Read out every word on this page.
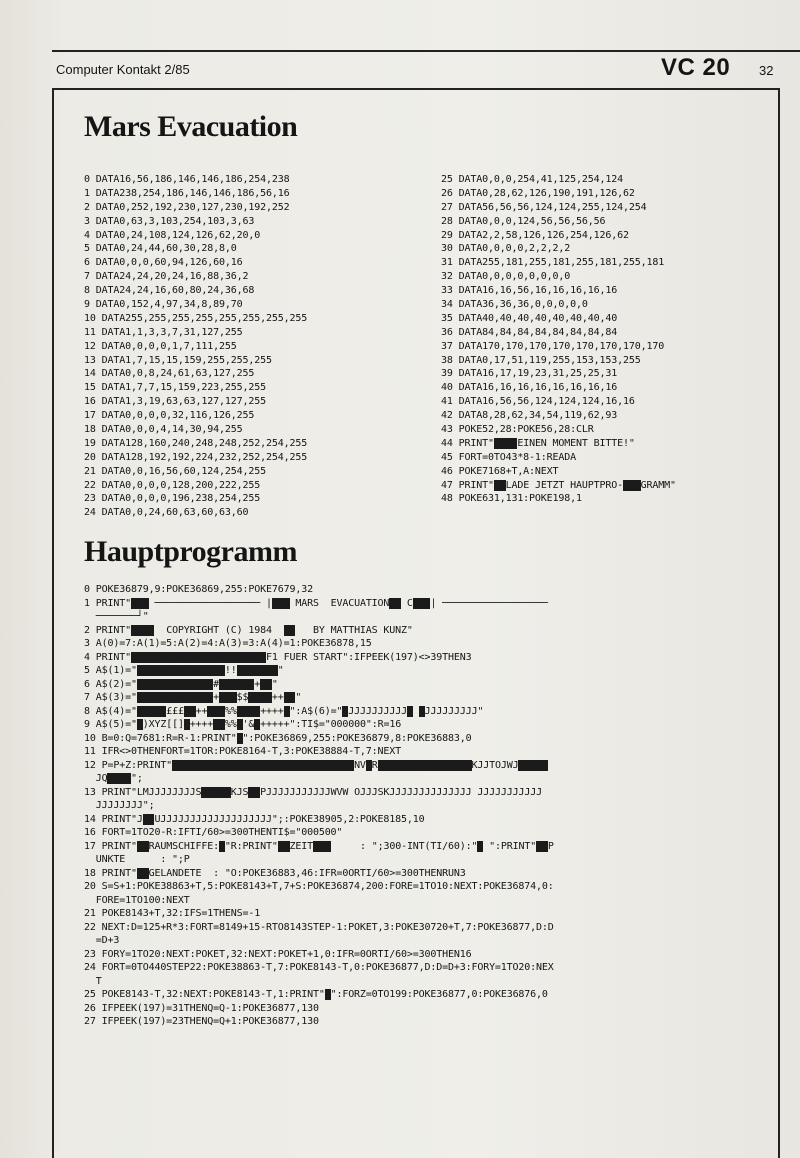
Computer Kontakt 2/85	VC 20 32
Mars Evacuation
Hauptprogramm
0 DATA16,56,186,146,146,186,254,238
1 DATA238,254,186,146,146,186,56,16
2 DATA0,252,192,230,127,230,192,252
3 DATA0,63,3,103,254,103,3,63
4 DATA0,24,108,124,126,62,20,0
5 DATA0,24,44,60,30,28,8,0
6 DATA0,0,0,60,94,126,60,16
7 DATA24,24,20,24,16,88,36,2
8 DATA24,24,16,60,80,24,36,68
9 DATA0,152,4,97,34,8,89,70
10 DATA255,255,255,255,255,255,255,255
11 DATA1,1,3,3,7,31,127,255
12 DATA0,0,0,0,1,7,111,255
13 DATA1,7,15,15,159,255,255,255
14 DATA0,0,8,24,61,63,127,255
15 DATA1,7,7,15,159,223,255,255
16 DATA1,3,19,63,63,127,127,255
17 DATA0,0,0,0,32,116,126,255
18 DATA0,0,0,4,14,30,94,255
19 DATA128,160,240,248,248,252,254,255
20 DATA128,192,192,224,232,252,254,255
21 DATA0,0,16,56,60,124,254,255
22 DATA0,0,0,0,128,200,222,255
23 DATA0,0,0,0,196,238,254,255
24 DATA0,0,24,60,63,60,63,60
25 DATA0,0,0,254,41,125,254,124
26 DATA0,28,62,126,190,191,126,62
27 DATA56,56,56,124,124,255,124,254
28 DATA0,0,0,124,56,56,56,56
29 DATA2,2,58,126,126,254,126,62
30 DATA0,0,0,0,2,2,2,2
31 DATA255,181,255,181,255,181,255,181
32 DATA0,0,0,0,0,0,0,0
33 DATA16,16,56,16,16,16,16,16
34 DATA36,36,36,0,0,0,0,0
35 DATA40,40,40,40,40,40,40,40
36 DATA84,84,84,84,84,84,84,84
37 DATA170,170,170,170,170,170,170,170
38 DATA0,17,51,119,255,153,153,255
39 DATA16,17,19,23,31,25,25,31
40 DATA16,16,16,16,16,16,16,16
41 DATA16,56,56,124,124,124,16,16
42 DATA8,28,62,34,54,119,62,93
43 POKE52,28:POKE56,28:CLR
44 PRINT"▮▮▮▮EINEN MOMENT BITTE!"
45 FORT=0TO43*8-1:READA
46 POKE7168+T,A:NEXT
47 PRINT"▮▮LADE JETZT HAUPTPRO-▮▮▮GRAMM"
48 POKE631,131:POKE198,1
0 POKE36879,9:POKE36869,255:POKE7679,32
1 PRINT"▮▮▮ ────────────────── |▮▮▮ MARS  EVACUATION▮▮ C▮▮▮| ──────────────────
───────┘"
2 PRINT"▮▮▮▮  COPYRIGHT (C) 1984  ▮▮   BY MATTHIAS KUNZ"
3 A(0)=7:A(1)=5:A(2)=4:A(3)=3:A(4)=1:POKE36878,15
4 PRINT"▮▮▮▮▮▮▮▮▮▮▮▮▮▮▮▮▮▮▮▮▮▮▮F1 FUER START":IFPEEK(197)<>39THEN3
5 A$(1)="▮▮▮▮▮▮▮▮▮▮▮▮▮▮▮!!▮▮▮▮▮▮▮"
6 A$(2)="▮▮▮▮▮▮▮▮▮▮▮▮▮#▮▮▮▮▮▮+▮▮"
7 A$(3)="▮▮▮▮▮▮▮▮▮▮▮▮▮+▮▮▮$$▮▮▮▮++▮▮"
8 A$(4)="▮▮▮▮▮£££▮▮++▮▮▮%%▮▮▮▮++++▮":A$(6)="▮JJJJJJJJJJ▮ ▮JJJJJJJJJ"
9 A$(5)="▮)XYZ[[]▮++++▮▮%%▮'&▮+++++":TI$="000000":R=16
10 B=0:Q=7681:R=R-1:PRINT"▮":POKE36869,255:POKE36879,8:POKE36883,0
11 IFR<>0THENFORT=1TOR:POKE8164-T,3:POKE38884-T,7:NEXT
12 P=P+Z:PRINT"▮▮▮▮▮▮▮▮▮▮▮▮▮▮▮▮▮▮▮▮▮▮▮▮▮▮▮▮▮▮▮NV▮R▮▮▮▮▮▮▮▮▮▮▮▮▮▮▮▮KJJTOJWJ▮▮▮▮▮
JQ▮▮▮▮";
13 PRINT"LMJJJJJJJJS▮▮▮▮▮KJS▮▮PJJJJJJJJJJJWVW OJJJSKJJJJJJJJJJJJJJ JJJJJJJJJJJ
JJJJJJJJ";
14 PRINT"J▮▮UJJJJJJJJJJJJJJJJJJJ";:POKE38905,2:POKE8185,10
16 FORT=1TO20-R:IFTI/60>=300THENTI$="000500"
17 PRINT"▮▮RAUMSCHIFFE:▮"R:PRINT"▮▮ZEIT▮▮▮     : ";300-INT(TI/60):"▮ ":PRINT"▮▮P
UNKTE      : ";P
18 PRINT"▮▮GELANDETE  : "O:POKE36883,46:IFR=0ORTI/60>=300THENRUN3
20 S=S+1:POKE38863+T,5:POKE8143+T,7+S:POKE36874,200:FORE=1TO10:NEXT:POKE36874,0:
FORE=1TO100:NEXT
21 POKE8143+T,32:IFS=1THENS=-1
22 NEXT:D=125+R*3:FORT=8149+15-RTO8143STEP-1:POKET,3:POKE30720+T,7:POKE36877,D:D
=D+3
23 FORY=1TO20:NEXT:POKET,32:NEXT:POKET+1,0:IFR=0ORTI/60>=300THEN16
24 FORT=0TO440STEP22:POKE38863-T,7:POKE8143-T,0:POKE36877,D:D=D+3:FORY=1TO20:NEX
T
25 POKE8143-T,32:NEXT:POKE8143-T,1:PRINT"▮":FORZ=0TO199:POKE36877,0:POKE36876,0
26 IFPEEK(197)=31THENQ=Q-1:POKE36877,130
27 IFPEEK(197)=23THENQ=Q+1:POKE36877,130
